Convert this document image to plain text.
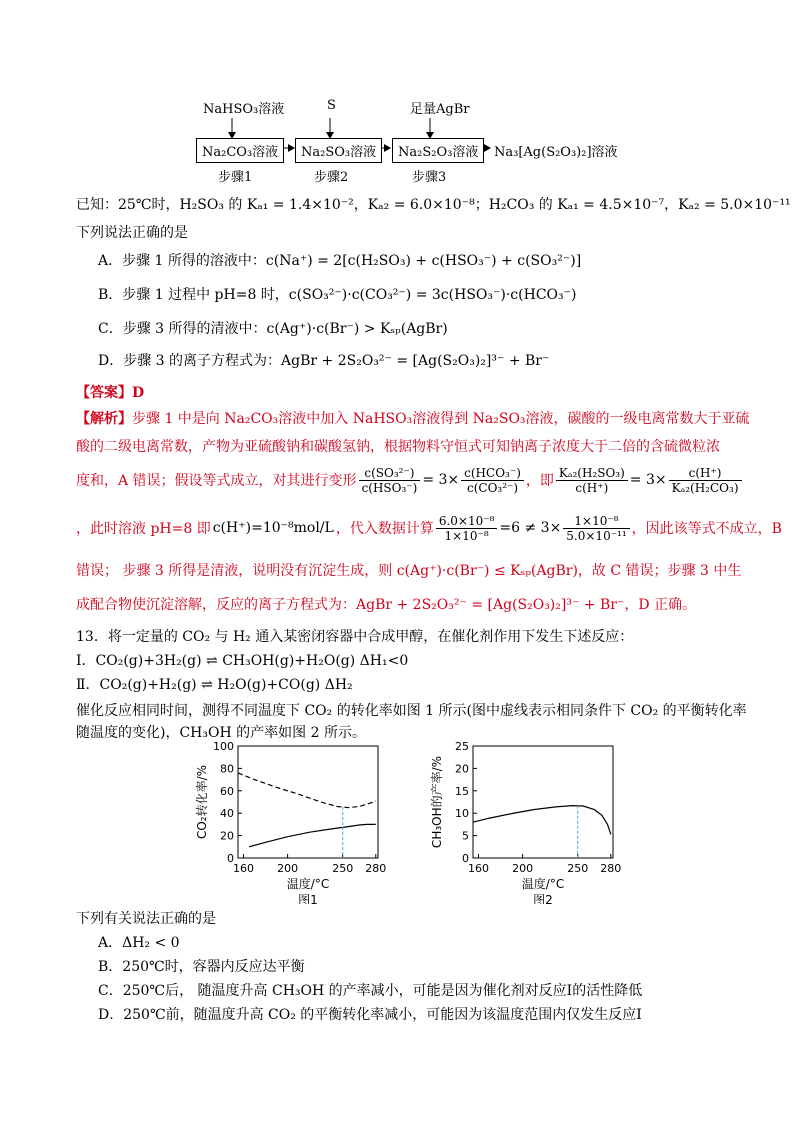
NaHSO₃溶液	S	足量AgBr
Na₂CO₃溶液	Na₂SO₃溶液	Na₂S₂O₃溶液	Na₃[Ag(S₂O₃)₂]溶液
步骤1	步骤2	步骤3
已知：25℃时，H₂SO₃ 的 Kₐ₁ = 1.4×10⁻²，Kₐ₂ = 6.0×10⁻⁸；H₂CO₃ 的 Kₐ₁ = 4.5×10⁻⁷，Kₐ₂ = 5.0×10⁻¹¹
下列说法正确的是
A．步骤 1 所得的溶液中：c(Na⁺) = 2[c(H₂SO₃) + c(HSO₃⁻) + c(SO₃²⁻)]
B．步骤 1 过程中 pH=8 时，c(SO₃²⁻)·c(CO₃²⁻) = 3c(HSO₃⁻)·c(HCO₃⁻)
C．步骤 3 所得的清液中：c(Ag⁺)·c(Br⁻) > Kₛₚ(AgBr)
D．步骤 3 的离子方程式为：AgBr + 2S₂O₃²⁻ = [Ag(S₂O₃)₂]³⁻ + Br⁻
【答案】D
【解析】步骤 1 中是向 Na₂CO₃溶液中加入 NaHSO₃溶液得到 Na₂SO₃溶液，碳酸的一级电离常数大于亚硫
酸的二级电离常数，产物为亚硫酸钠和碳酸氢钠，根据物料守恒式可知钠离子浓度大于二倍的含硫微粒浓
度和，A 错误；假设等式成立，对其进行变形 $\frac{\text{c(SO₃²⁻)}}{\text{c(HSO₃⁻)}} = 3\times \frac{\text{c(HCO₃⁻)}}{\text{c(CO₃²⁻)}}$ ，即 $\frac{\text{Kₐ₂(H₂SO₃)}}{c(H^+)} = 3\times \frac{c(H^+)}{\text{Kₐ₂(H₂CO₃)}}$
，此时溶液 pH=8 即 c(H⁺)=10⁻⁸mol/L ，代入数据计算 $\frac{\text{6.0×10⁻⁸}}{\text{1×10⁻⁸}} =6 \ne 3\times \frac{\text{1×10⁻⁸}}{\text{5.0×10⁻¹¹}}$ ，因此该等式不成立，B
错误； 步骤 3 所得是清液，说明没有沉淀生成，则 c(Ag⁺)·c(Br⁻) ≤ Kₛₚ(AgBr)，故 C 错误；步骤 3 中生
成配合物使沉淀溶解，反应的离子方程式为：AgBr + 2S₂O₃²⁻ = [Ag(S₂O₃)₂]³⁻ + Br⁻，D 正确。
13．将一定量的 CO₂ 与 H₂ 通入某密闭容器中合成甲醇，在催化剂作用下发生下述反应：
Ⅰ．CO₂(g)+3H₂(g) ⇌ CH₃OH(g)+H₂O(g) ΔH₁<0
Ⅱ．CO₂(g)+H₂(g) ⇌ H₂O(g)+CO(g) ΔH₂
催化反应相同时间，测得不同温度下 CO₂ 的转化率如图 1 所示(图中虚线表示相同条件下 CO₂ 的平衡转化率
随温度的变化)，CH₃OH 的产率如图 2 所示。
0
20
40
60
80
100
160 200	250 280
CO₂转化率/%
温度/°C
图1
0
5
10
15
20
25
160 200	250 280
CH₃OH的产率/%
温度/°C
图2
下列有关说法正确的是
A．ΔH₂ < 0
B．250℃时，容器内反应达平衡
C．250℃后， 随温度升高 CH₃OH 的产率减小，可能是因为催化剂对反应Ⅰ的活性降低
D．250℃前，随温度升高 CO₂ 的平衡转化率减小，可能因为该温度范围内仅发生反应Ⅰ
